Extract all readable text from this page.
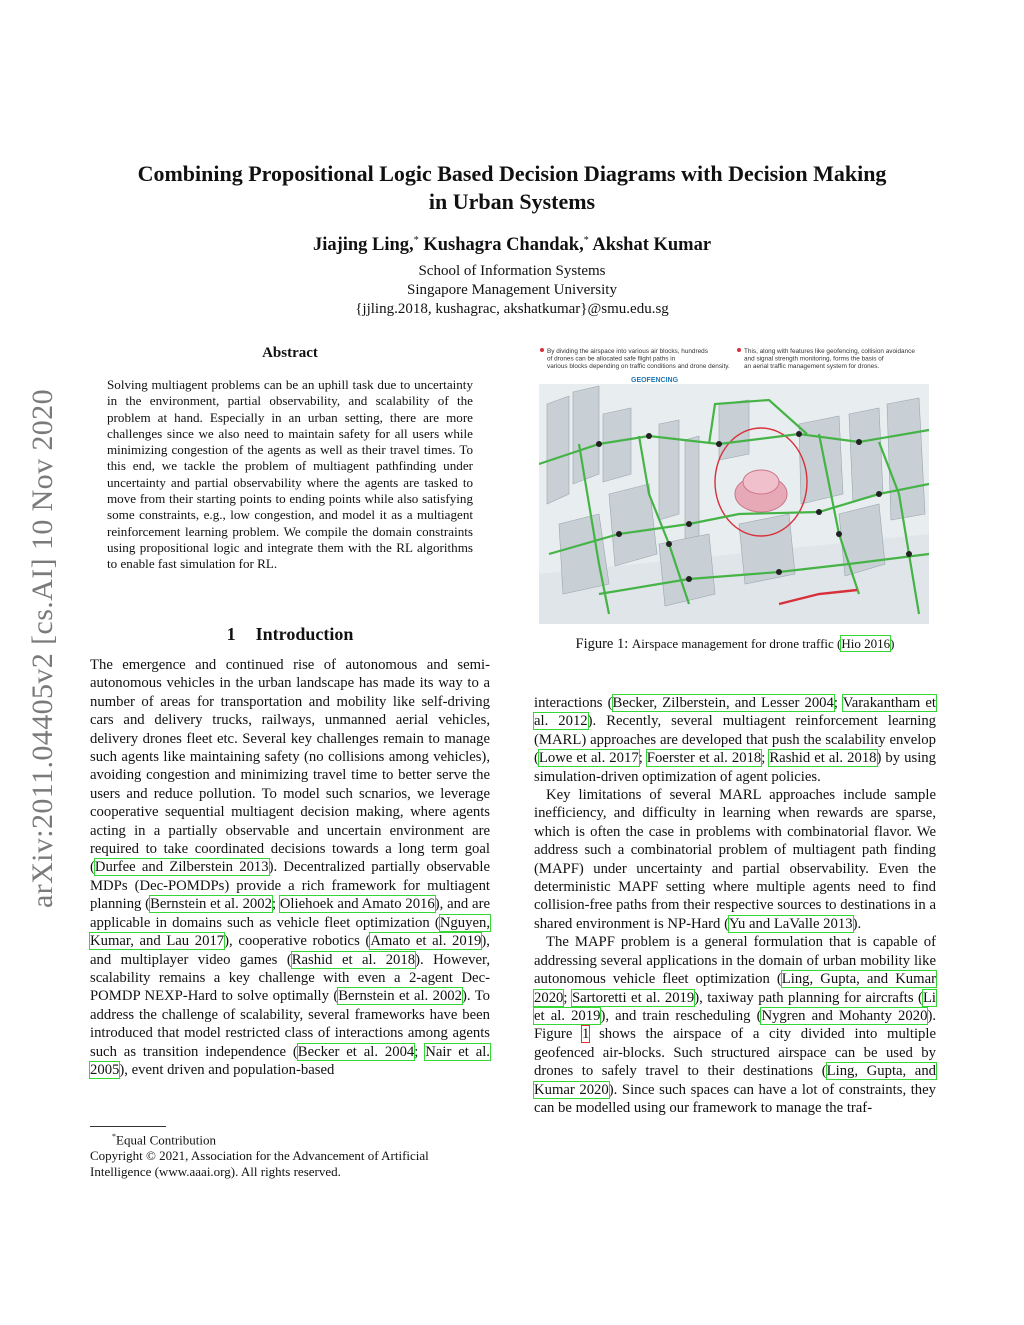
arXiv:2011.04405v2 [cs.AI] 10 Nov 2020
Combining Propositional Logic Based Decision Diagrams with Decision Making
in Urban Systems
Jiajing Ling,* Kushagra Chandak,* Akshat Kumar
School of Information Systems
Singapore Management University
{jjling.2018, kushagrac, akshatkumar}@smu.edu.sg
Abstract

Solving multiagent problems can be an uphill task due to uncertainty in the environment, partial observability, and scalability of the problem at hand. Especially in an urban setting, there are more challenges since we also need to maintain safety for all users while minimizing congestion of the agents as well as their travel times. To this end, we tackle the problem of multiagent pathfinding under uncertainty and partial observability where the agents are tasked to move from their starting points to ending points while also satisfying some constraints, e.g., low congestion, and model it as a multiagent reinforcement learning problem. We compile the domain constraints using propositional logic and integrate them with the RL algorithms to enable fast simulation for RL.

1 Introduction

The emergence and continued rise of autonomous and semi-autonomous vehicles in the urban landscape has made its way to a number of areas for transportation and mobility like self-driving cars and delivery trucks, railways, unmanned aerial vehicles, delivery drones fleet etc. Several key challenges remain to manage such agents like maintaining safety (no collisions among vehicles), avoiding congestion and minimizing travel time to better serve the users and reduce pollution. To model such scnarios, we leverage cooperative sequential multiagent decision making, where agents acting in a partially observable and uncertain environment are required to take coordinated decisions towards a long term goal (Durfee and Zilberstein 2013). Decentralized partially observable MDPs (Dec-POMDPs) provide a rich framework for multiagent planning (Bernstein et al. 2002; Oliehoek and Amato 2016), and are applicable in domains such as vehicle fleet optimization (Nguyen, Kumar, and Lau 2017), cooperative robotics (Amato et al. 2019), and multiplayer video games (Rashid et al. 2018). However, scalability remains a key challenge with even a 2-agent Dec-POMDP NEXP-Hard to solve optimally (Bernstein et al. 2002). To address the challenge of scalability, several frameworks have been introduced that model restricted class of interactions among agents such as transition independence (Becker et al. 2004; Nair et al. 2005), event driven and population-based

*Equal Contribution
Copyright © 2021, Association for the Advancement of Artificial Intelligence (www.aaai.org). All rights reserved.
By dividing the airspace into various air blocks, hundreds of drones can be allocated safe flight paths in various blocks depending on traffic conditions and drone density.
This, along with features like geofencing, collision avoidance and signal strength monitoring, forms the basis of an aerial traffic management system for drones.
GEOFENCING
Figure 1: Airspace management for drone traffic (Hio 2016)

interactions (Becker, Zilberstein, and Lesser 2004; Varakantham et al. 2012). Recently, several multiagent reinforcement learning (MARL) approaches are developed that push the scalability envelop (Lowe et al. 2017; Foerster et al. 2018; Rashid et al. 2018) by using simulation-driven optimization of agent policies.

Key limitations of several MARL approaches include sample inefficiency, and difficulty in learning when rewards are sparse, which is often the case in problems with combinatorial flavor. We address such a combinatorial problem of multiagent path finding (MAPF) under uncertainty and partial observability. Even the deterministic MAPF setting where multiple agents need to find collision-free paths from their respective sources to destinations in a shared environment is NP-Hard (Yu and LaValle 2013).

The MAPF problem is a general formulation that is capable of addressing several applications in the domain of urban mobility like autonomous vehicle fleet optimization (Ling, Gupta, and Kumar 2020; Sartoretti et al. 2019), taxiway path planning for aircrafts (Li et al. 2019), and train rescheduling (Nygren and Mohanty 2020). Figure 1 shows the airspace of a city divided into multiple geofenced air-blocks. Such structured airspace can be used by drones to safely travel to their destinations (Ling, Gupta, and Kumar 2020). Since such spaces can have a lot of constraints, they can be modelled using our framework to manage the traf-
